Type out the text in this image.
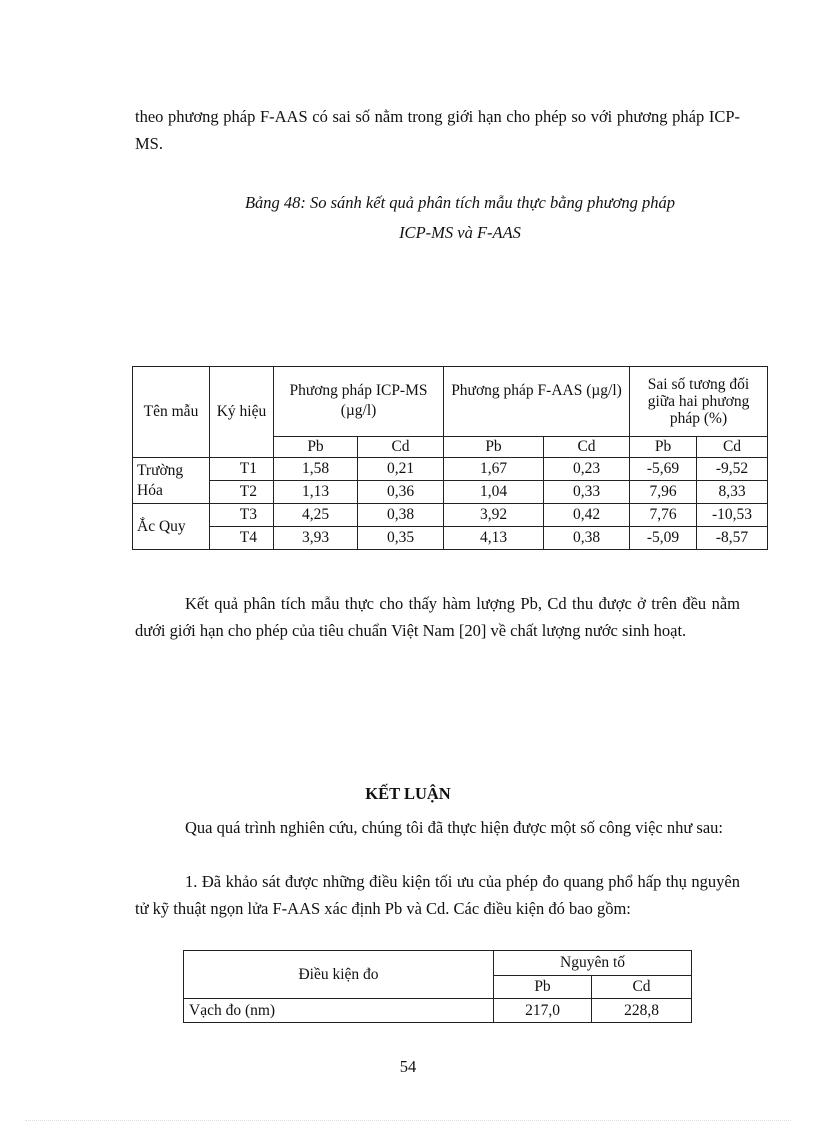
theo phương pháp F-AAS có sai số nằm trong giới hạn cho phép so với phương pháp ICP-MS.

Bảng 48: So sánh kết quả phân tích mẫu thực bằng phương pháp
ICP-MS và F-AAS
Tên mẫu	Ký hiệu	Phương pháp ICP-MS (µg/l)		Phương pháp F-AAS (µg/l)		Sai số tương đối giữa hai phương pháp (%)	
		Pb	Cd	Pb	Cd	Pb	Cd
Trường Hóa	T1	1,58	0,21	1,67	0,23	-5,69	-9,52
	T2	1,13	0,36	1,04	0,33	7,96	8,33
Ắc Quy	T3	4,25	0,38	3,92	0,42	7,76	-10,53
	T4	3,93	0,35	4,13	0,38	-5,09	-8,57

Kết quả phân tích mẫu thực cho thấy hàm lượng Pb, Cd thu được ở trên đều nằm dưới giới hạn cho phép của tiêu chuẩn Việt Nam [20] về chất lượng nước sinh hoạt.

KẾT LUẬN

Qua quá trình nghiên cứu, chúng tôi đã thực hiện được một số công việc như sau:

1. Đã khảo sát được những điều kiện tối ưu của phép đo quang phổ hấp thụ nguyên tử kỹ thuật ngọn lửa F-AAS xác định Pb và Cd. Các điều kiện đó bao gồm:

Điều kiện đo	Nguyên tố	
	Pb	Cd
Vạch đo (nm)	217,0	228,8

54
